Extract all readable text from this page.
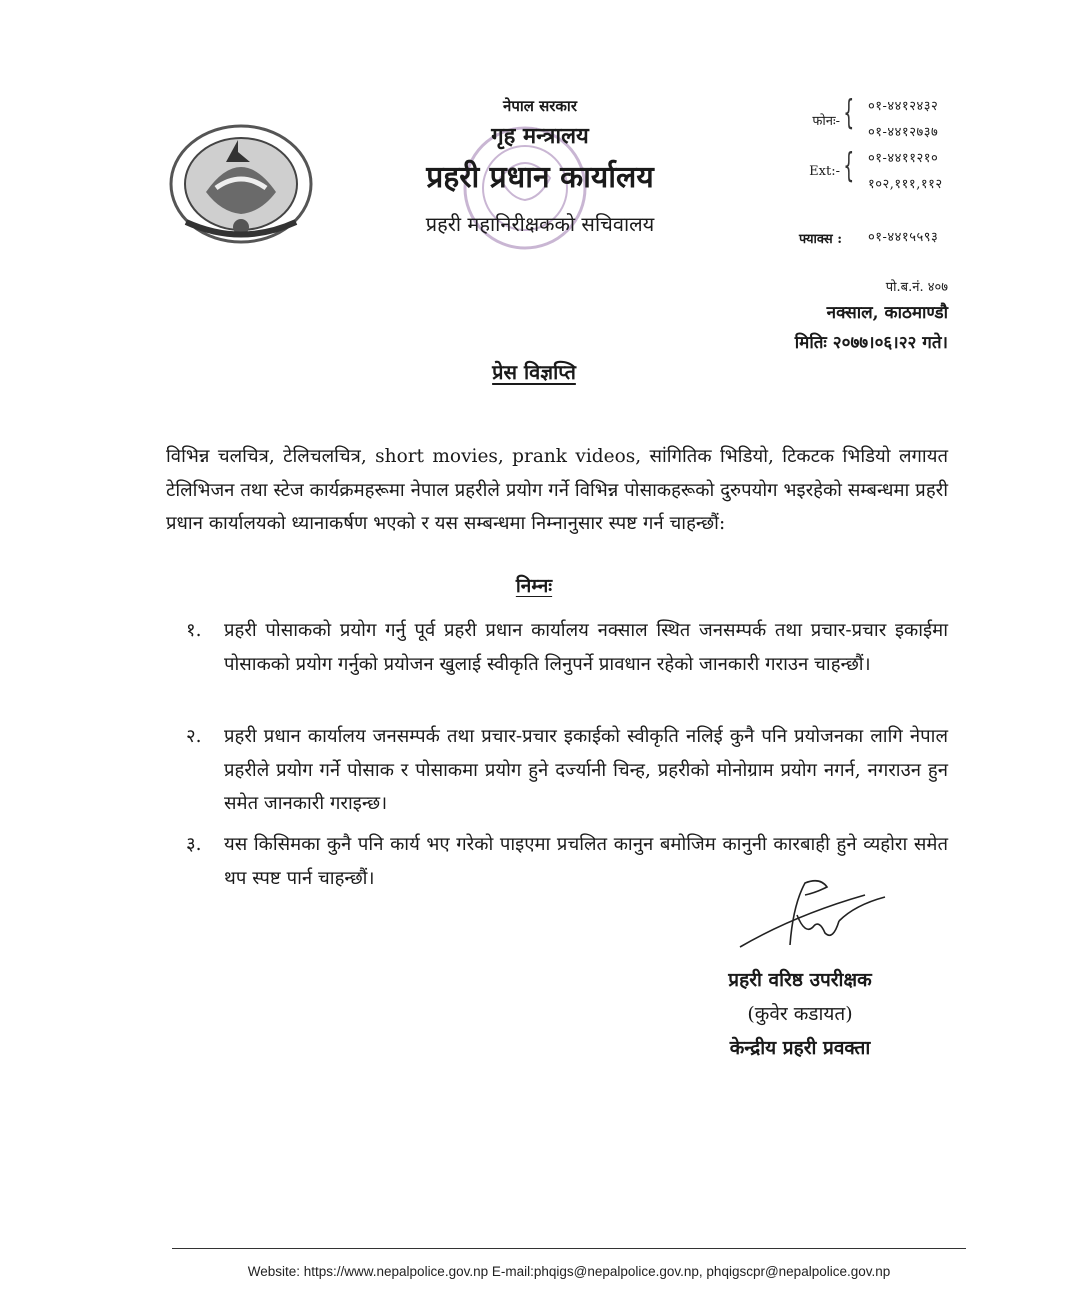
नेपाल सरकार
गृह मन्त्रालय
प्रहरी प्रधान कार्यालय
प्रहरी महानिरीक्षकको सचिवालय
फोनः- { ०१-४४१२४३२
०१-४४१२७३७
Ext:- { ०१-४४११२१०
१०२,१११,११२
फ्याक्स : ०१-४४१५५९३
पो.ब.नं. ४०७
नक्साल, काठमाण्डौ
मितिः २०७७।०६।२२ गते।
प्रेस विज्ञप्ति
विभिन्न चलचित्र, टेलिचलचित्र, short movies, prank videos, सांगितिक भिडियो, टिकटक भिडियो लगायत टेलिभिजन तथा स्टेज कार्यक्रमहरूमा नेपाल प्रहरीले प्रयोग गर्ने विभिन्न पोसाकहरूको दुरुपयोग भइरहेको सम्बन्धमा प्रहरी प्रधान कार्यालयको ध्यानाकर्षण भएको र यस सम्बन्धमा निम्नानुसार स्पष्ट गर्न चाहन्छौं:
निम्नः
१.	प्रहरी पोसाकको प्रयोग गर्नु पूर्व प्रहरी प्रधान कार्यालय नक्साल स्थित जनसम्पर्क तथा प्रचार-प्रचार इकाईमा पोसाकको प्रयोग गर्नुको प्रयोजन खुलाई स्वीकृति लिनुपर्ने प्रावधान रहेको जानकारी गराउन चाहन्छौं।
२.	प्रहरी प्रधान कार्यालय जनसम्पर्क तथा प्रचार-प्रचार इकाईको स्वीकृति नलिई कुनै पनि प्रयोजनका लागि नेपाल प्रहरीले प्रयोग गर्ने पोसाक र पोसाकमा प्रयोग हुने दर्ज्यानी चिन्ह, प्रहरीको मोनोग्राम प्रयोग नगर्न, नगराउन हुन समेत जानकारी गराइन्छ।
३.	यस किसिमका कुनै पनि कार्य भए गरेको पाइएमा प्रचलित कानुन बमोजिम कानुनी कारबाही हुने व्यहोरा समेत थप स्पष्ट पार्न चाहन्छौं।
प्रहरी वरिष्ठ उपरीक्षक
(कुवेर कडायत)
केन्द्रीय प्रहरी प्रवक्ता
Website: https://www.nepalpolice.gov.np E-mail:phqigs@nepalpolice.gov.np, phqigscpr@nepalpolice.gov.np
